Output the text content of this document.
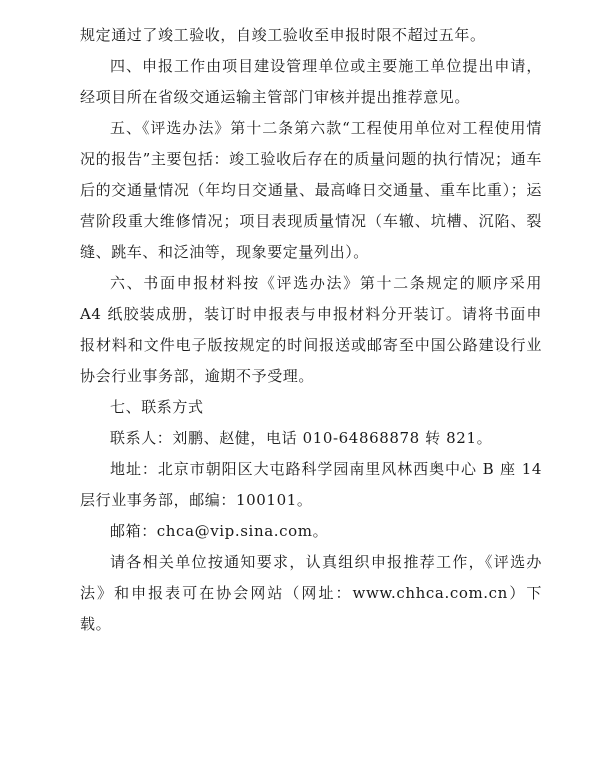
规定通过了竣工验收，自竣工验收至申报时限不超过五年。

四、申报工作由项目建设管理单位或主要施工单位提出申请，经项目所在省级交通运输主管部门审核并提出推荐意见。

五、《评选办法》第十二条第六款“工程使用单位对工程使用情况的报告”主要包括：竣工验收后存在的质量问题的执行情况；通车后的交通量情况（年均日交通量、最高峰日交通量、重车比重）；运营阶段重大维修情况；项目表现质量情况（车辙、坑槽、沉陷、裂缝、跳车、和泛油等，现象要定量列出）。

六、书面申报材料按《评选办法》第十二条规定的顺序采用 A4 纸胶装成册，装订时申报表与申报材料分开装订。请将书面申报材料和文件电子版按规定的时间报送或邮寄至中国公路建设行业协会行业事务部，逾期不予受理。

七、联系方式

联系人：刘鹏、赵健，电话 010-64868878 转 821。

地址：北京市朝阳区大屯路科学园南里风林西奥中心 B 座 14 层行业事务部，邮编：100101。

邮箱：chca@vip.sina.com。

请各相关单位按通知要求，认真组织申报推荐工作，《评选办法》和申报表可在协会网站（网址：www.chhca.com.cn）下载。
